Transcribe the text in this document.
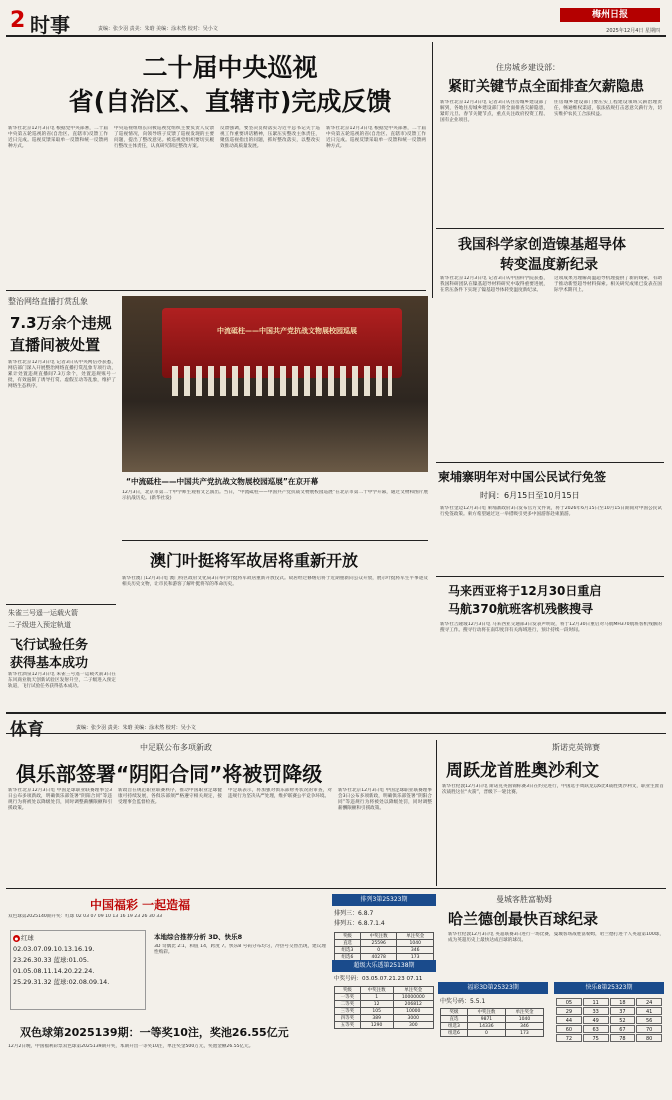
2 时事	责编：张少羽 责美：朱晗 美编：涂未然 校对：吴小文
梅州日报
2025年12月4日 星期四
二十届中央巡视
省(自治区、直辖市)完成反馈
新华社北京12月3日电 根据党中央部署，二十届中央第五轮巡视的省(自治区、直辖市)反馈工作近日完成。巡视反馈采取单一反馈和统一反馈两种方式。
中央巡视组组长向被巡视党组织主要负责人反馈了巡视情况，向领导班子反馈了巡视发现的主要问题，提出了整改意见。被巡视党组织要切实履行整改主体责任，认真研究制定整改方案。
反馈强调，要坚决贯彻落实习近平总书记关于巡视工作重要讲话精神，压紧压实整改主体责任，聚焦巡视指出的问题，抓好整改落实，以整改实效推动高质量发展。
新华社北京12月3日电 根据党中央部署，二十届中央第五轮巡视的省(自治区、直辖市)反馈工作近日完成。巡视反馈采取单一反馈和统一反馈两种方式。
住房城乡建设部：
紧盯关键节点全面排查欠薪隐患
新华社北京12月3日电 记者3日从住房城乡建设部了解到，各地住房城乡建设部门将全面排查欠薪隐患，紧盯元旦、春节关键节点，重点关注政府投资工程、国有企业项目。
住房城乡建设部门要压实工程建设领域欠薪治理责任，畅通维权渠道，依法依规打击恶意欠薪行为，切实维护农民工合法权益。
我国科学家创造镍基超导体
转变温度新纪录
新华社北京12月3日电 记者3日从中国科学院获悉，我国科研团队在镍基超导材料研究中取得重要进展，在常压条件下实现了镍基超导体转变温度新纪录。
这项成果为理解高温超导机理提供了新的线索，有助于推动新型超导材料探索。相关研究成果已发表在国际学术期刊上。
整治网络直播打赏乱象
7.3万余个违规
直播间被处置
新华社北京12月3日电 记者3日从中央网信办获悉，网信部门深入开展整治网络直播打赏乱象专项行动，累计处置违规直播间7.3万余个，处置违规账号一批，有效遏制了诱导打赏、虚假互动等乱象，维护了网络生态秩序。
中流砥柱——中国共产党抗战文物展校园巡展
“中流砥柱——中国共产党抗战文物展校园巡展”在京开幕
12月3日，北京市第二十中学师生观看文艺演出。当日，“中流砥柱——中国共产党抗战文物展校园巡展”在北京市第二十中学开幕，通过文物和图片展示抗战历史。(新华社发)
柬埔寨明年对中国公民试行免签
时间：6月15日至10月15日
新华社金边12月3日电 柬埔寨政府3日发布官方文件说，将于2026年6月15日至10月15日期间对中国公民试行免签政策。柬方希望通过这一举措吸引更多中国游客赴柬旅游。
澳门叶挺将军故居将重新开放
新华社澳门12月3日电 澳门特区政府文化局3日举行叶挺将军故居重新开放仪式。故居经过修缮后将于近期重新向公众开放，展示叶挺将军生平事迹及相关历史文物，让市民和游客了解叶挺将军的革命历史。	马来西亚将于12月30日重启
马航370航班客机残骸搜寻
新华社吉隆坡12月3日电 马来西亚交通部3日发表声明说，将于12月30日重启对马航MH370航班客机残骸的搜寻工作。搜寻行动将在南印度洋有关海域进行，预计持续一段时间。
朱雀三号遥一运载火箭
二子级进入预定轨道
飞行试验任务
获得基本成功
新华社酒泉12月3日电 朱雀三号遥一运载火箭3日在东风商业航天创新试验区发射升空，二子级进入预定轨道，飞行试验任务获得基本成功。
体育	责编：张少羽 责美：朱晗 美编：涂未然 校对：吴小文
中足联公布多项新政
俱乐部签署“阴阳合同”将被罚降级
新华社北京12月3日电 中国足球职业联赛理事会3日公布多项新政，明确俱乐部签署“阴阳合同”等违规行为将被处以降级处罚，同时调整薪酬限额和引援政策。
新政旨在规范职业联赛秩序，推动中国职业足球健康可持续发展，各俱乐部须严格遵守相关规定，接受理事会监督检查。
中足联表示，将加强对俱乐部财务状况的审查，对违规行为坚决从严处理，维护联赛公平竞争环境。
新华社北京12月3日电 中国足球职业联赛理事会3日公布多项新政，明确俱乐部签署“阴阳合同”等违规行为将被处以降级处罚，同时调整薪酬限额和引援政策。
斯诺克英锦赛
周跃龙首胜奥沙利文
新华社伦敦12月3日电 斯诺克英国锦标赛3日在约克进行，中国选手周跃龙以6比4战胜奥沙利文，职业生涯首次战胜这位“火箭”，晋级下一轮比赛。
中国福彩 一起造福
双色球第2025140期开奖：红球 02 03 07 09 10 13 16 19 23 26 30 33
● 红球
02.03.07.09.10.13.16.19.
23.26.30.33 蓝球:01.05.
01.05.08.11.14.20.22.24.
25.29.31.32 蓝球:02.08.09.14.
本地综合推荐分析 3D、快乐8
3D 奇偶比 2:1，和值 14，跨度 7。快乐8 号码分布均匀，冷热号交替出现，建议理性购彩。
双色球第2025139期：一等奖10注，奖池26.55亿元
12月2日晚，中国福利彩票双色球第2025139期开奖，本期开出一等奖10注，单注奖金500万元，奖池金额26.55亿元。
排列3第25323期
排列三：6.8.7
排列五：6.8.7.1.4
奖级	中奖注数	单注奖金
直选	25596	1040
组选3	0	346
组选6	40278	173
超级大乐透第25138期
中奖号码：03.05.07.21.23 07.11
奖级	中奖注数	单注奖金
一等奖	1	10000000
二等奖	12	206812
三等奖	105	10000
四等奖	389	3000
五等奖	1290	300
曼城客胜富勒姆
哈兰德创最快百球纪录
新华社伦敦12月3日电 英超联赛3日进行一场比赛，曼城客场战胜富勒姆，哈兰德打进个人英超第100球，成为英超历史上最快达成百球的球员。
福彩3D第25323期
中奖号码：5.5.1
奖级	中奖注数	单注奖金
直选	9871	1040
组选3	14336	346
组选6	0	173
快乐8第25323期
05	11	18	24
29	33	37	41
44	49	52	56
60	63	67	70
72	75	78	80
